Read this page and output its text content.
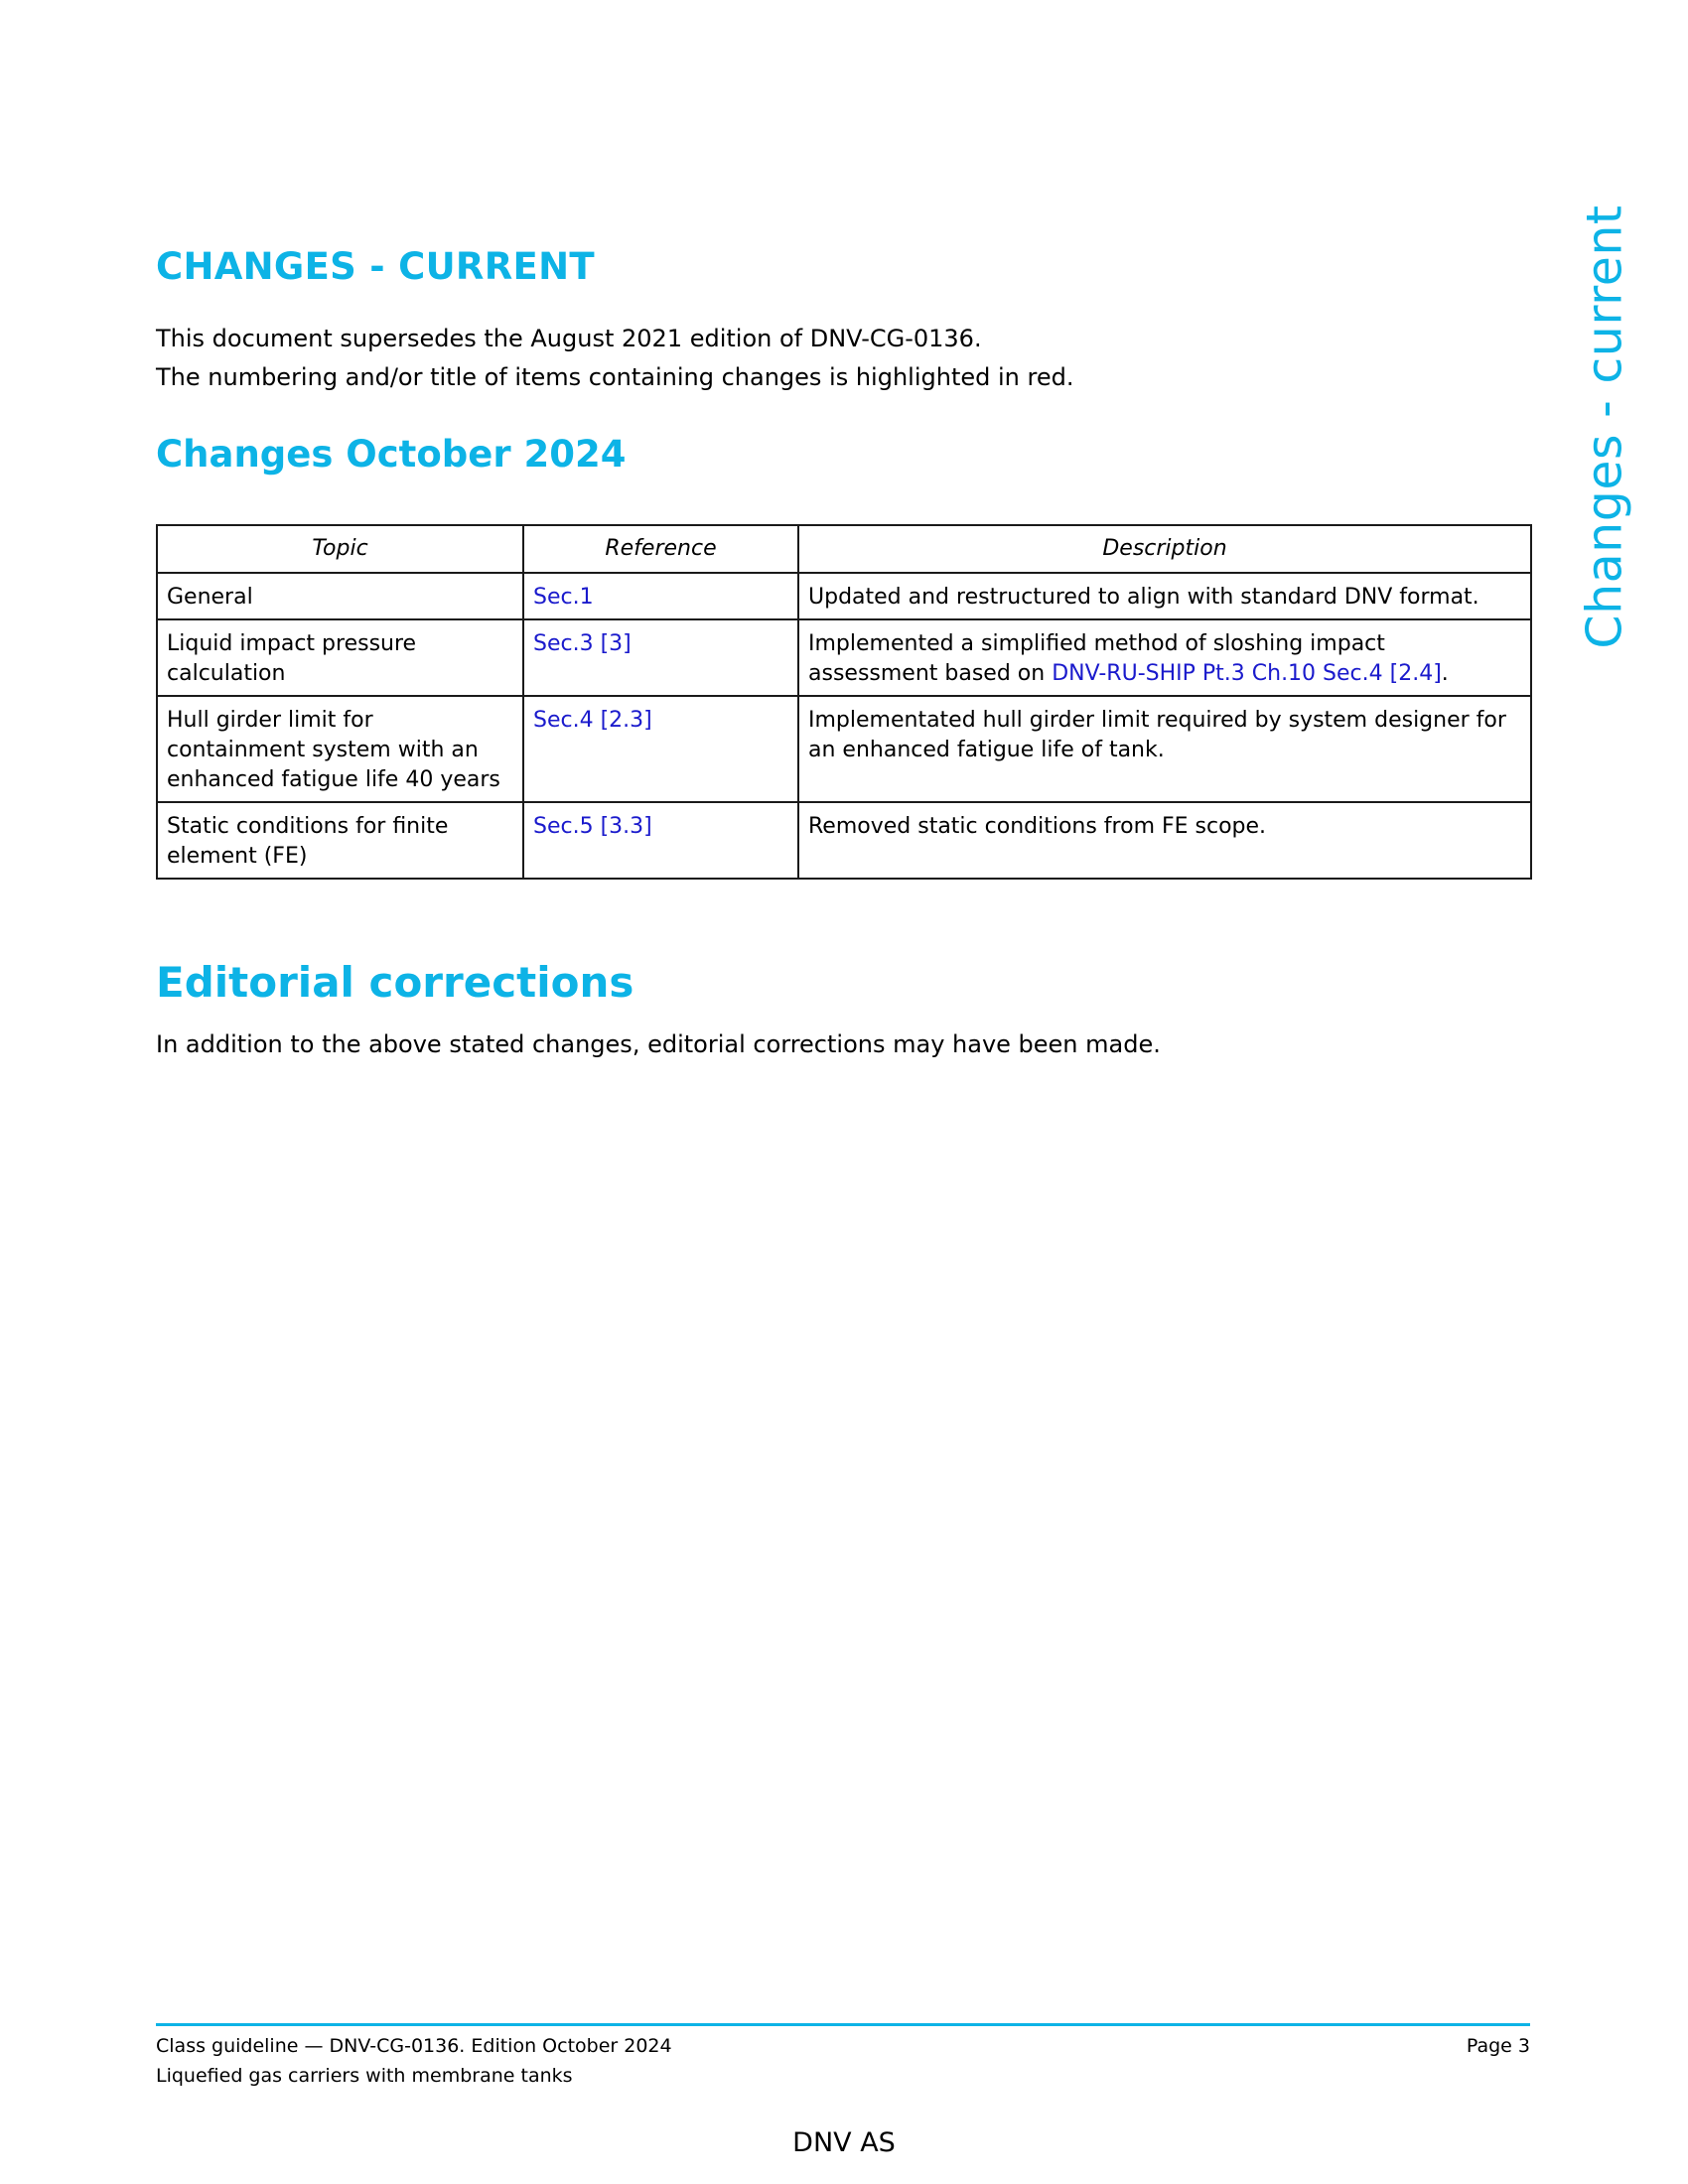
CHANGES - CURRENT	Changes - current
This document supersedes the August 2021 edition of DNV-CG-0136.
The numbering and/or title of items containing changes is highlighted in red.
Changes October 2024
Topic	Reference	Description
General	Sec.1	Updated and restructured to align with standard DNV format.
Liquid impact pressure calculation	Sec.3 [3]	Implemented a simplified method of sloshing impact assessment based on DNV-RU-SHIP Pt.3 Ch.10 Sec.4 [2.4].
Hull girder limit for containment system with an enhanced fatigue life 40 years	Sec.4 [2.3]	Implementated hull girder limit required by system designer for an enhanced fatigue life of tank.
Static conditions for finite element (FE)	Sec.5 [3.3]	Removed static conditions from FE scope.
Editorial corrections

In addition to the above stated changes, editorial corrections may have been made.

Class guideline — DNV-CG-0136. Edition October 2024
Liquefied gas carriers with membrane tanks
Page 3
DNV AS
